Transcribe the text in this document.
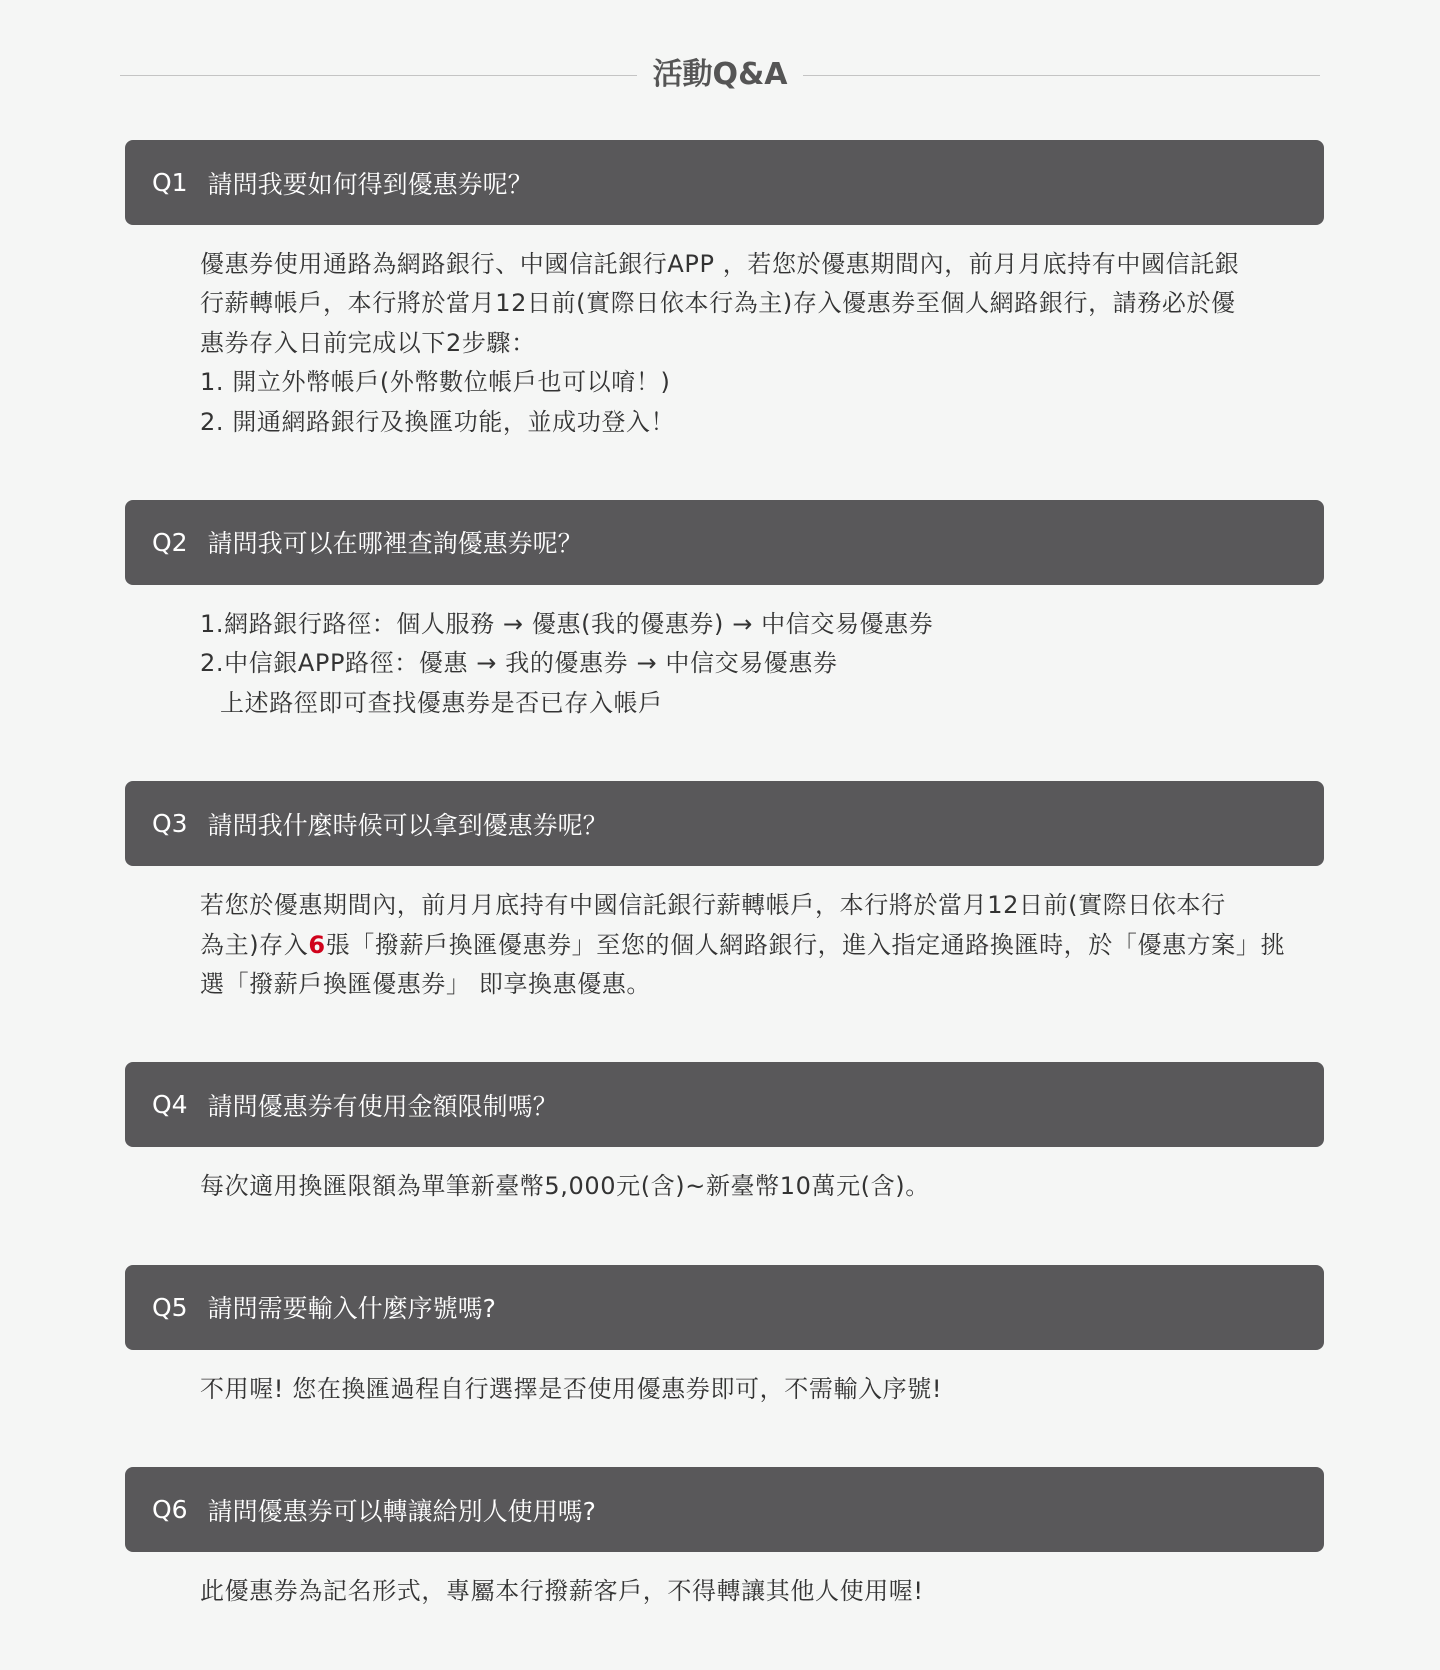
活動Q&A
Q1 請問我要如何得到優惠券呢？
優惠券使用通路為網路銀行、中國信託銀行APP ，若您於優惠期間內，前月月底持有中國信託銀
行薪轉帳戶，本行將於當月12日前(實際日依本行為主)存入優惠券至個人網路銀行，請務必於優
惠券存入日前完成以下2步驟：
1. 開立外幣帳戶(外幣數位帳戶也可以唷！)
2. 開通網路銀行及換匯功能，並成功登入！
Q2 請問我可以在哪裡查詢優惠券呢？
1.網路銀行路徑：個人服務 → 優惠(我的優惠券) → 中信交易優惠券
2.中信銀APP路徑：優惠 → 我的優惠券 → 中信交易優惠券
上述路徑即可查找優惠券是否已存入帳戶
Q3 請問我什麼時候可以拿到優惠券呢？
若您於優惠期間內，前月月底持有中國信託銀行薪轉帳戶，本行將於當月12日前(實際日依本行
為主)存入6張「撥薪戶換匯優惠券」至您的個人網路銀行，進入指定通路換匯時，於「優惠方案」挑
選「撥薪戶換匯優惠券」 即享換惠優惠。
Q4 請問優惠券有使用金額限制嗎？
每次適用換匯限額為單筆新臺幣5,000元(含)~新臺幣10萬元(含)。
Q5 請問需要輸入什麼序號嗎?
不用喔! 您在換匯過程自行選擇是否使用優惠券即可，不需輸入序號!
Q6 請問優惠券可以轉讓給別人使用嗎?
此優惠券為記名形式，專屬本行撥薪客戶，不得轉讓其他人使用喔!
